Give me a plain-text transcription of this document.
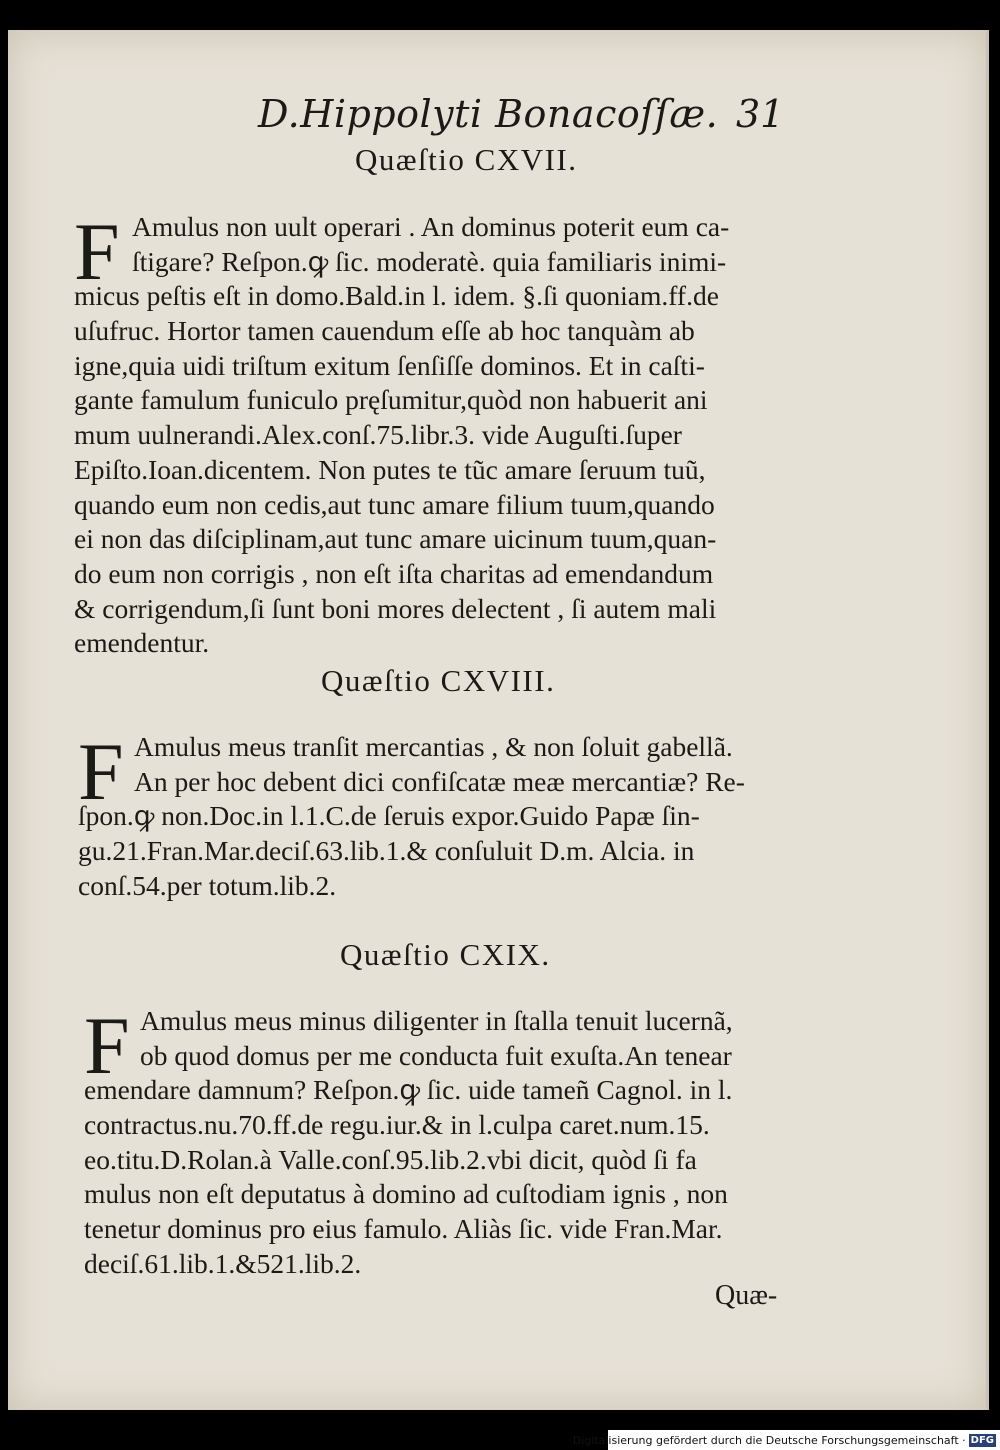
D.Hippolyti Bonacoſſæ. 31
Quæſtio CXVII.
F Amulus non uult operari . An dominus poterit eum ca-
ſtigare? Reſpon.ꝙ ſic. moderatè. quia familiaris inimi-
micus peſtis eſt in domo.Bald.in l. idem. §.ſi quoniam.ff.de
uſufruc. Hortor tamen cauendum eſſe ab hoc tanquàm ab
igne,quia uidi triſtum exitum ſenſiſſe dominos. Et in caſti-
gante famulum funiculo pręſumitur,quòd non habuerit ani
mum uulnerandi.Alex.conſ.75.libr.3. vide Auguſti.ſuper
Epiſto.Ioan.dicentem. Non putes te tũc amare ſeruum tuũ,
quando eum non cedis,aut tunc amare filium tuum,quando
ei non das diſciplinam,aut tunc amare uicinum tuum,quan-
do eum non corrigis , non eſt iſta charitas ad emendandum
& corrigendum,ſi ſunt boni mores delectent , ſi autem mali
emendentur.
Quæſtio CXVIII.
F Amulus meus tranſit mercantias , & non ſoluit gabellã.
An per hoc debent dici confiſcatæ meæ mercantiæ? Re-
ſpon.ꝙ non.Doc.in l.1.C.de ſeruis expor.Guido Papæ ſin-
gu.21.Fran.Mar.deciſ.63.lib.1.& conſuluit D.m. Alcia. in
conſ.54.per totum.lib.2.
Quæſtio CXIX.
F Amulus meus minus diligenter in ſtalla tenuit lucernã,
ob quod domus per me conducta fuit exuſta.An tenear
emendare damnum? Reſpon.ꝙ ſic. uide tameñ Cagnol. in l.
contractus.nu.70.ff.de regu.iur.& in l.culpa caret.num.15.
eo.titu.D.Rolan.à Valle.conſ.95.lib.2.vbi dicit, quòd ſi fa
mulus non eſt deputatus à domino ad cuſtodiam ignis , non
tenetur dominus pro eius famulo. Aliàs ſic. vide Fran.Mar.
deciſ.61.lib.1.&521.lib.2.
Quæ-
Digitalisierung gefördert durch die Deutsche Forschungsgemeinschaft · DFG
